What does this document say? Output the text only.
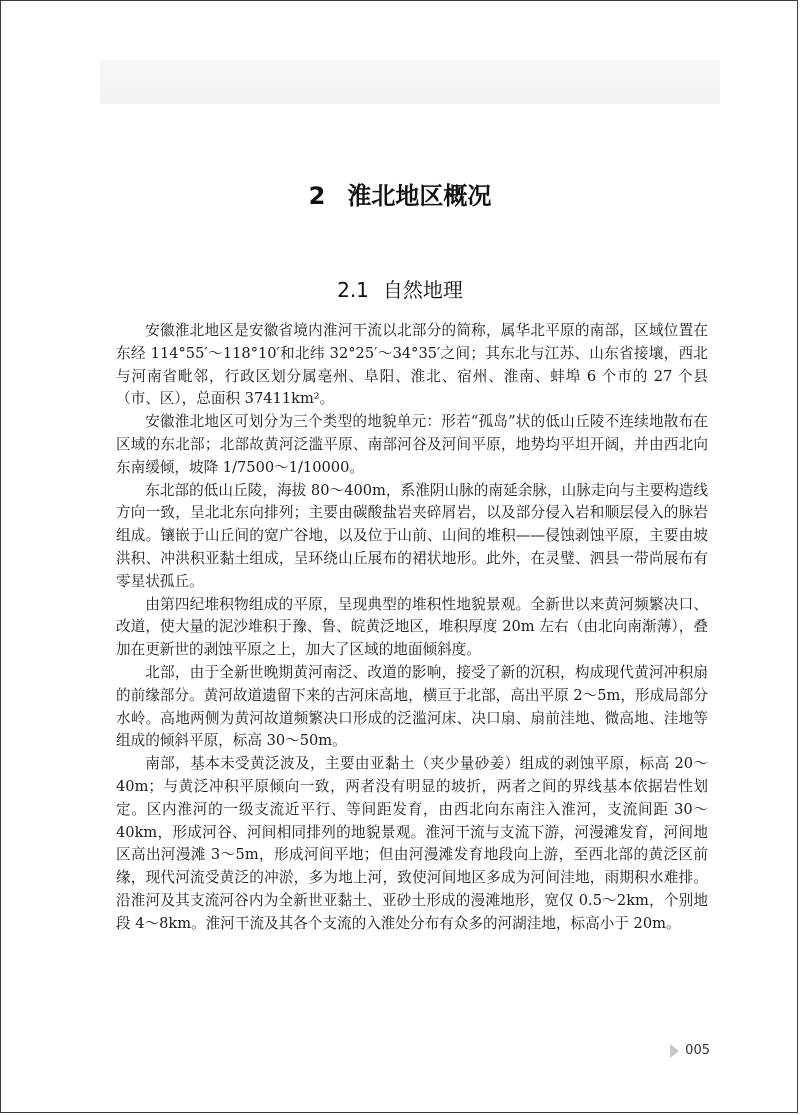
2 淮北地区概况
2.1 自然地理

安徽淮北地区是安徽省境内淮河干流以北部分的简称，属华北平原的南部，区域位置在东经 114°55′～118°10′和北纬 32°25′～34°35′之间；其东北与江苏、山东省接壤，西北与河南省毗邻，行政区划分属亳州、阜阳、淮北、宿州、淮南、蚌埠 6 个市的 27 个县（市、区），总面积 37411km²。

安徽淮北地区可划分为三个类型的地貌单元：形若“孤岛”状的低山丘陵不连续地散布在区域的东北部；北部故黄河泛滥平原、南部河谷及河间平原，地势均平坦开阔，并由西北向东南缓倾，坡降 1/7500～1/10000。

东北部的低山丘陵，海拔 80～400m，系淮阴山脉的南延余脉，山脉走向与主要构造线方向一致，呈北北东向排列；主要由碳酸盐岩夹碎屑岩，以及部分侵入岩和顺层侵入的脉岩组成。镶嵌于山丘间的宽广谷地，以及位于山前、山间的堆积——侵蚀剥蚀平原，主要由坡洪积、冲洪积亚黏土组成，呈环绕山丘展布的裙状地形。此外，在灵璧、泗县一带尚展布有零星状孤丘。

由第四纪堆积物组成的平原，呈现典型的堆积性地貌景观。全新世以来黄河频繁决口、改道，使大量的泥沙堆积于豫、鲁、皖黄泛地区，堆积厚度 20m 左右（由北向南渐薄），叠加在更新世的剥蚀平原之上，加大了区域的地面倾斜度。

北部，由于全新世晚期黄河南泛、改道的影响，接受了新的沉积，构成现代黄河冲积扇的前缘部分。黄河故道遗留下来的古河床高地，横亘于北部，高出平原 2～5m，形成局部分水岭。高地两侧为黄河故道频繁决口形成的泛滥河床、决口扇、扇前洼地、微高地、洼地等组成的倾斜平原，标高 30～50m。

南部，基本未受黄泛波及，主要由亚黏土（夹少量砂姜）组成的剥蚀平原，标高 20～40m；与黄泛冲积平原倾向一致，两者没有明显的坡折，两者之间的界线基本依据岩性划定。区内淮河的一级支流近平行、等间距发育，由西北向东南注入淮河，支流间距 30～40km，形成河谷、河间相同排列的地貌景观。淮河干流与支流下游，河漫滩发育，河间地区高出河漫滩 3～5m，形成河间平地；但由河漫滩发育地段向上游，至西北部的黄泛区前缘，现代河流受黄泛的冲淤，多为地上河，致使河间地区多成为河间洼地，雨期积水难排。沿淮河及其支流河谷内为全新世亚黏土、亚砂土形成的漫滩地形，宽仅 0.5～2km，个别地段 4～8km。淮河干流及其各个支流的入淮处分布有众多的河湖洼地，标高小于 20m。

005
